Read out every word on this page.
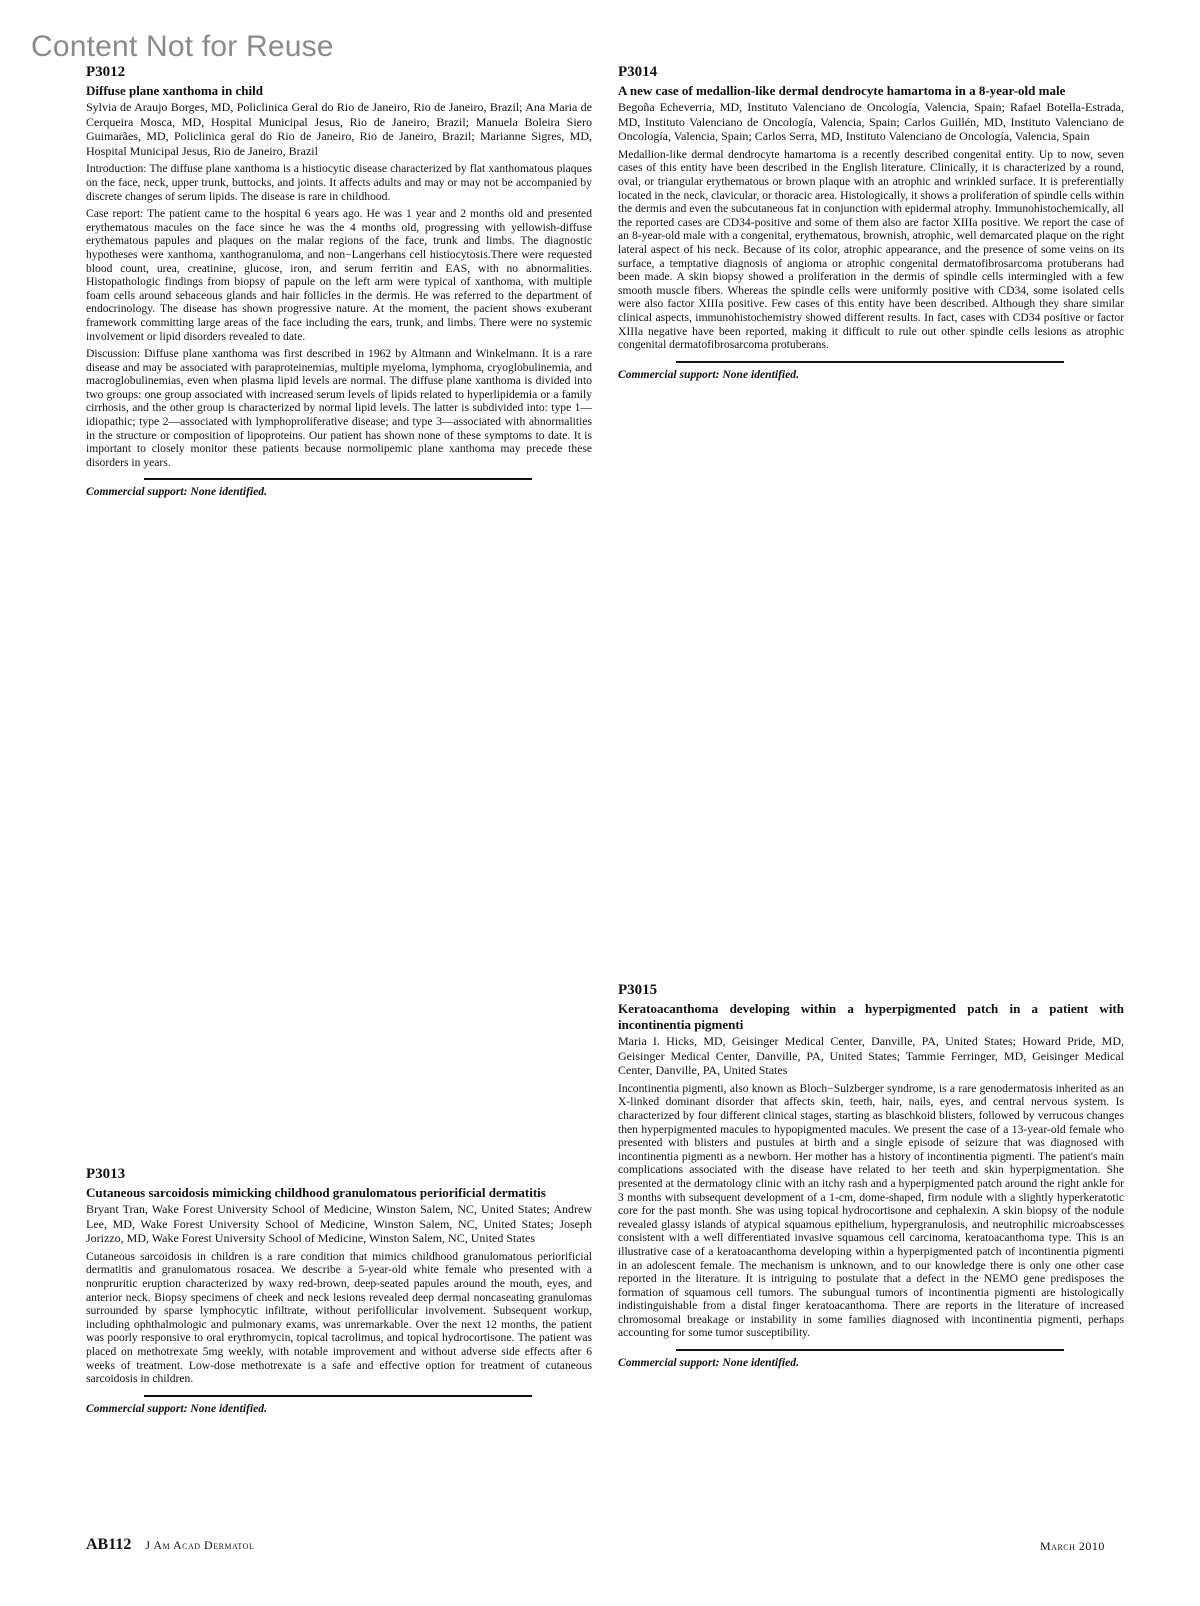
Content Not for Reuse

P3012

Diffuse plane xanthoma in child

Sylvia de Araujo Borges, MD, Policlinica Geral do Rio de Janeiro, Rio de Janeiro, Brazil; Ana Maria de Cerqueira Mosca, MD, Hospital Municipal Jesus, Rio de Janeiro, Brazil; Manuela Boleira Siero Guimarães, MD, Policlinica geral do Rio de Janeiro, Rio de Janeiro, Brazil; Marianne Sigres, MD, Hospital Municipal Jesus, Rio de Janeiro, Brazil

Introduction: The diffuse plane xanthoma is a histiocytic disease characterized by flat xanthomatous plaques on the face, neck, upper trunk, buttocks, and joints. It affects adults and may or may not be accompanied by discrete changes of serum lipids. The disease is rare in childhood.

Case report: The patient came to the hospital 6 years ago. He was 1 year and 2 months old and presented erythematous macules on the face since he was the 4 months old, progressing with yellowish-diffuse erythematous papules and plaques on the malar regions of the face, trunk and limbs. The diagnostic hypotheses were xanthoma, xanthogranuloma, and non−Langerhans cell histiocytosis.There were requested blood count, urea, creatinine, glucose, iron, and serum ferritin and EAS, with no abnormalities. Histopathologic findings from biopsy of papule on the left arm were typical of xanthoma, with multiple foam cells around sebaceous glands and hair follicles in the dermis. He was referred to the department of endocrinology. The disease has shown progressive nature. At the moment, the pacient shows exuberant framework committing large areas of the face including the ears, trunk, and limbs. There were no systemic involvement or lipid disorders revealed to date.

Discussion: Diffuse plane xanthoma was first described in 1962 by Altmann and Winkelmann. It is a rare disease and may be associated with paraproteinemias, multiple myeloma, lymphoma, cryoglobulinemia, and macroglobulinemias, even when plasma lipid levels are normal. The diffuse plane xanthoma is divided into two groups: one group associated with increased serum levels of lipids related to hyperlipidemia or a family cirrhosis, and the other group is characterized by normal lipid levels. The latter is subdivided into: type 1—idiopathic; type 2—associated with lymphoproliferative disease; and type 3—associated with abnormalities in the structure or composition of lipoproteins. Our patient has shown none of these symptoms to date. It is important to closely monitor these patients because normolipemic plane xanthoma may precede these disorders in years.

Commercial support: None identified.

P3014

A new case of medallion-like dermal dendrocyte hamartoma in a 8-year-old male

Begoña Echeverria, MD, Instituto Valenciano de Oncología, Valencia, Spain; Rafael Botella-Estrada, MD, Instituto Valenciano de Oncología, Valencia, Spain; Carlos Guillén, MD, Instituto Valenciano de Oncología, Valencia, Spain; Carlos Serra, MD, Instituto Valenciano de Oncología, Valencia, Spain

Medallion-like dermal dendrocyte hamartoma is a recently described congenital entity. Up to now, seven cases of this entity have been described in the English literature. Clinically, it is characterized by a round, oval, or triangular erythematous or brown plaque with an atrophic and wrinkled surface. It is preferentially located in the neck, clavicular, or thoracic area. Histologically, it shows a proliferation of spindle cells within the dermis and even the subcutaneous fat in conjunction with epidermal atrophy. Immunohistochemically, all the reported cases are CD34-positive and some of them also are factor XIIIa positive. We report the case of an 8-year-old male with a congenital, erythematous, brownish, atrophic, well demarcated plaque on the right lateral aspect of his neck. Because of its color, atrophic appearance, and the presence of some veins on its surface, a temptative diagnosis of angioma or atrophic congenital dermatofibrosarcoma protuberans had been made. A skin biopsy showed a proliferation in the dermis of spindle cells intermingled with a few smooth muscle fibers. Whereas the spindle cells were uniformly positive with CD34, some isolated cells were also factor XIIIa positive. Few cases of this entity have been described. Although they share similar clinical aspects, immunohistochemistry showed different results. In fact, cases with CD34 positive or factor XIIIa negative have been reported, making it difficult to rule out other spindle cells lesions as atrophic congenital dermatofibrosarcoma protuberans.

Commercial support: None identified.

P3013

Cutaneous sarcoidosis mimicking childhood granulomatous periorificial dermatitis

Bryant Tran, Wake Forest University School of Medicine, Winston Salem, NC, United States; Andrew Lee, MD, Wake Forest University School of Medicine, Winston Salem, NC, United States; Joseph Jorizzo, MD, Wake Forest University School of Medicine, Winston Salem, NC, United States

Cutaneous sarcoidosis in children is a rare condition that mimics childhood granulomatous periorificial dermatitis and granulomatous rosacea. We describe a 5-year-old white female who presented with a nonpruritic eruption characterized by waxy red-brown, deep-seated papules around the mouth, eyes, and anterior neck. Biopsy specimens of cheek and neck lesions revealed deep dermal noncaseating granulomas surrounded by sparse lymphocytic infiltrate, without perifollicular involvement. Subsequent workup, including ophthalmologic and pulmonary exams, was unremarkable. Over the next 12 months, the patient was poorly responsive to oral erythromycin, topical tacrolimus, and topical hydrocortisone. The patient was placed on methotrexate 5mg weekly, with notable improvement and without adverse side effects after 6 weeks of treatment. Low-dose methotrexate is a safe and effective option for treatment of cutaneous sarcoidosis in children.

Commercial support: None identified.

P3015

Keratoacanthoma developing within a hyperpigmented patch in a patient with incontinentia pigmenti

Maria I. Hicks, MD, Geisinger Medical Center, Danville, PA, United States; Howard Pride, MD, Geisinger Medical Center, Danville, PA, United States; Tammie Ferringer, MD, Geisinger Medical Center, Danville, PA, United States

Incontinentia pigmenti, also known as Bloch−Sulzberger syndrome, is a rare genodermatosis inherited as an X-linked dominant disorder that affects skin, teeth, hair, nails, eyes, and central nervous system. Is characterized by four different clinical stages, starting as blaschkoid blisters, followed by verrucous changes then hyperpigmented macules to hypopigmented macules. We present the case of a 13-year-old female who presented with blisters and pustules at birth and a single episode of seizure that was diagnosed with incontinentia pigmenti as a newborn. Her mother has a history of incontinentia pigmenti. The patient's main complications associated with the disease have related to her teeth and skin hyperpigmentation. She presented at the dermatology clinic with an itchy rash and a hyperpigmented patch around the right ankle for 3 months with subsequent development of a 1-cm, dome-shaped, firm nodule with a slightly hyperkeratotic core for the past month. She was using topical hydrocortisone and cephalexin. A skin biopsy of the nodule revealed glassy islands of atypical squamous epithelium, hypergranulosis, and neutrophilic microabscesses consistent with a well differentiated invasive squamous cell carcinoma, keratoacanthoma type. This is an illustrative case of a keratoacanthoma developing within a hyperpigmented patch of incontinentia pigmenti in an adolescent female. The mechanism is unknown, and to our knowledge there is only one other case reported in the literature. It is intriguing to postulate that a defect in the NEMO gene predisposes the formation of squamous cell tumors. The subungual tumors of incontinentia pigmenti are histologically indistinguishable from a distal finger keratoacanthoma. There are reports in the literature of increased chromosomal breakage or instability in some families diagnosed with incontinentia pigmenti, perhaps accounting for some tumor susceptibility.

Commercial support: None identified.

AB112 J Am Acad Dermatol	March 2010
